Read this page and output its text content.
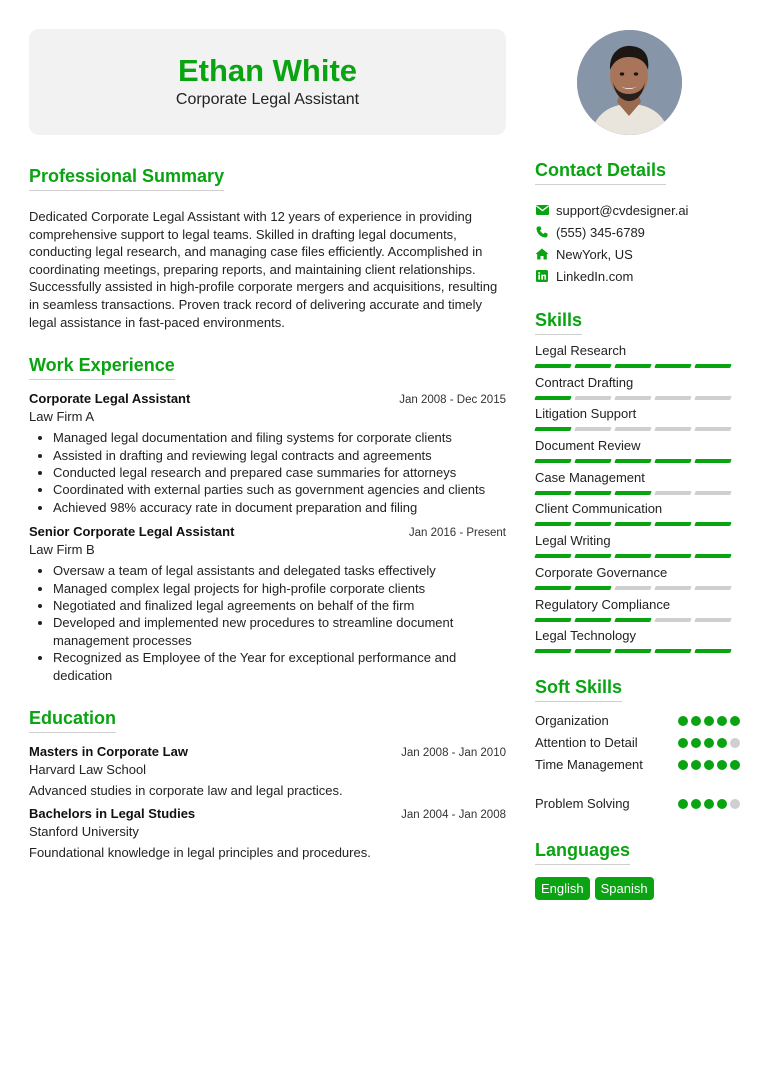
Ethan White
Corporate Legal Assistant
Professional Summary

Dedicated Corporate Legal Assistant with 12 years of experience in providing comprehensive support to legal teams. Skilled in drafting legal documents, conducting legal research, and managing case files efficiently. Accomplished in coordinating meetings, preparing reports, and maintaining client relationships. Successfully assisted in high-profile corporate mergers and acquisitions, resulting in seamless transactions. Proven track record of delivering accurate and timely legal assistance in fast-paced environments.

Work Experience
Corporate Legal Assistant	Jan 2008 - Dec 2015
Law Firm A
• Managed legal documentation and filing systems for corporate clients
• Assisted in drafting and reviewing legal contracts and agreements
• Conducted legal research and prepared case summaries for attorneys
• Coordinated with external parties such as government agencies and clients
• Achieved 98% accuracy rate in document preparation and filing
Senior Corporate Legal Assistant	Jan 2016 - Present
Law Firm B
• Oversaw a team of legal assistants and delegated tasks effectively
• Managed complex legal projects for high-profile corporate clients
• Negotiated and finalized legal agreements on behalf of the firm
• Developed and implemented new procedures to streamline document management processes
• Recognized as Employee of the Year for exceptional performance and dedication
Education
Masters in Corporate Law	Jan 2008 - Jan 2010
Harvard Law School
Advanced studies in corporate law and legal practices.
Bachelors in Legal Studies	Jan 2004 - Jan 2008
Stanford University
Foundational knowledge in legal principles and procedures.
Contact Details
support@cvdesigner.ai
(555) 345-6789
NewYork, US
LinkedIn.com
Skills
Legal Research
Contract Drafting
Litigation Support
Document Review
Case Management
Client Communication
Legal Writing
Corporate Governance
Regulatory Compliance
Legal Technology
Soft Skills
Organization
Attention to Detail
Time Management
Problem Solving
Languages
English	Spanish
